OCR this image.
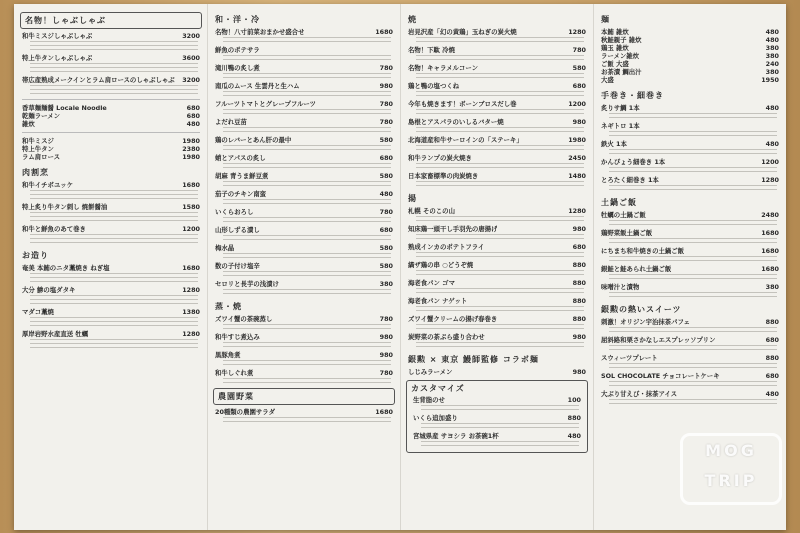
名物！しゃぶしゃぶ
和牛ミスジしゃぶしゃぶ	3200
特上牛タンしゃぶしゃぶ	3600
帯広産熟成メークインとラム肩ロースのしゃぶしゃぶ	3200
香草麺麺醤 Locale Noodle	680
乾麺ラーメン	680
雑炊	480
和牛ミスジ	1980
特上牛タン	2380
ラム肩ロース	1980
肉割烹
和牛イチボユッケ	1680
特上炙り牛タン刺し 焼餅醤油	1580
和牛と鮮魚のあて巻き	1200
お造り
奄美 本鮪のニタ藁焼き ねぎ塩	1680
大分 鯵の塩ダタキ	1280
マダコ藁焼	1380
厚岸岩野水産直送 牡蠣	1280
和・洋・冷
名物！八寸前菜おまかせ盛合せ	1680
鮮魚のポテサラ
滝川鴨の炙し煮	780
南瓜のムース 生雲丹と生ハム	980
フルーツトマトとグレープフルーツ	780
よだれ豆苗	780
鶏のレバーとあん肝の最中	580
蛸とアパスの炙し	680
胡麻 青うま鮮豆煮	580
茄子のチキン南蛮	480
いくらおろし	780
山形しずる漬し	680
梅水晶	580
数の子付け塩辛	580
セロリと長芋の浅漬け	380
蒸・焼
ズワイ蟹の茶碗蒸し	780
和牛すじ煮込み	980
黒豚角煮	980
和牛しぐれ煮	780
農園野菜
20種類の農園サラダ	1680
焼
岩見沢産「幻の黄鶏」玉ねぎの炭火焼	1280
名物！下駄 冷焼	780
名物！キャラメルコーン	580
鶏と鴨の塩つくね	680
今年も焼きます！ボーンブロスだし巻	1200
島根とアスパラのいしるバター焼	980
北海道産和牛サーロインの「ステーキ」	1980
和牛ランプの炭火焼き	2450
日本家畜標準の肉炭焼き	1480
揚
札幌 そのこの山	1280
知床鶏一頭干し手羽先の唐揚げ	980
熟成インカのポテトフライ	680
縞ザ鶏の串 ○どうぞ焼	880
海老食パン ゴマ	880
海老食パン ナゲット	880
ズワイ蟹クリームの揚げ春巻き	880
炭野菜の茶ぷら盛り合わせ	980
銀勲 × 東京 鰻師監修 コラボ麺
しじみラーメン	980
カスタマイズ
生背脂のせ	100
いくら追加盛り	880
宮城県産 サヨシラ お茶碗1杯	480
麺
本鮪 雑炊	480
秋鮭親子 雑炊	480
鶏玉 雑炊	380
ラーメン雑炊	380
ご飯 大盛	240
お茶漬 鯛出汁	380
大盛	1950
手巻き・細巻き
炙りサ鯛 1本	480
ネギトロ 1本
鉄火 1本	480
かんぴょう細巻き 1本	1200
とろたく細巻き 1本	1280
土鍋ご飯
牡蠣の土鍋ご飯	2480
鶏野菜飯土鍋ご飯	1680
にちまち和牛焼きの土鍋ご飯	1680
銀鮭と鮭あられ土鍋ご飯	1680
味噌汁と漬物	380
銀勲の熱いスイーツ
刺激！オリジン宇治抹茶パフェ	880
屈斜路和栗さかなしエスプレッソプリン	680
スウィーツプレート	880
SOL CHOCOLATE チョコレートケーキ	680
大ぶり甘えび・抹茶アイス	480
MOG
TRIP
